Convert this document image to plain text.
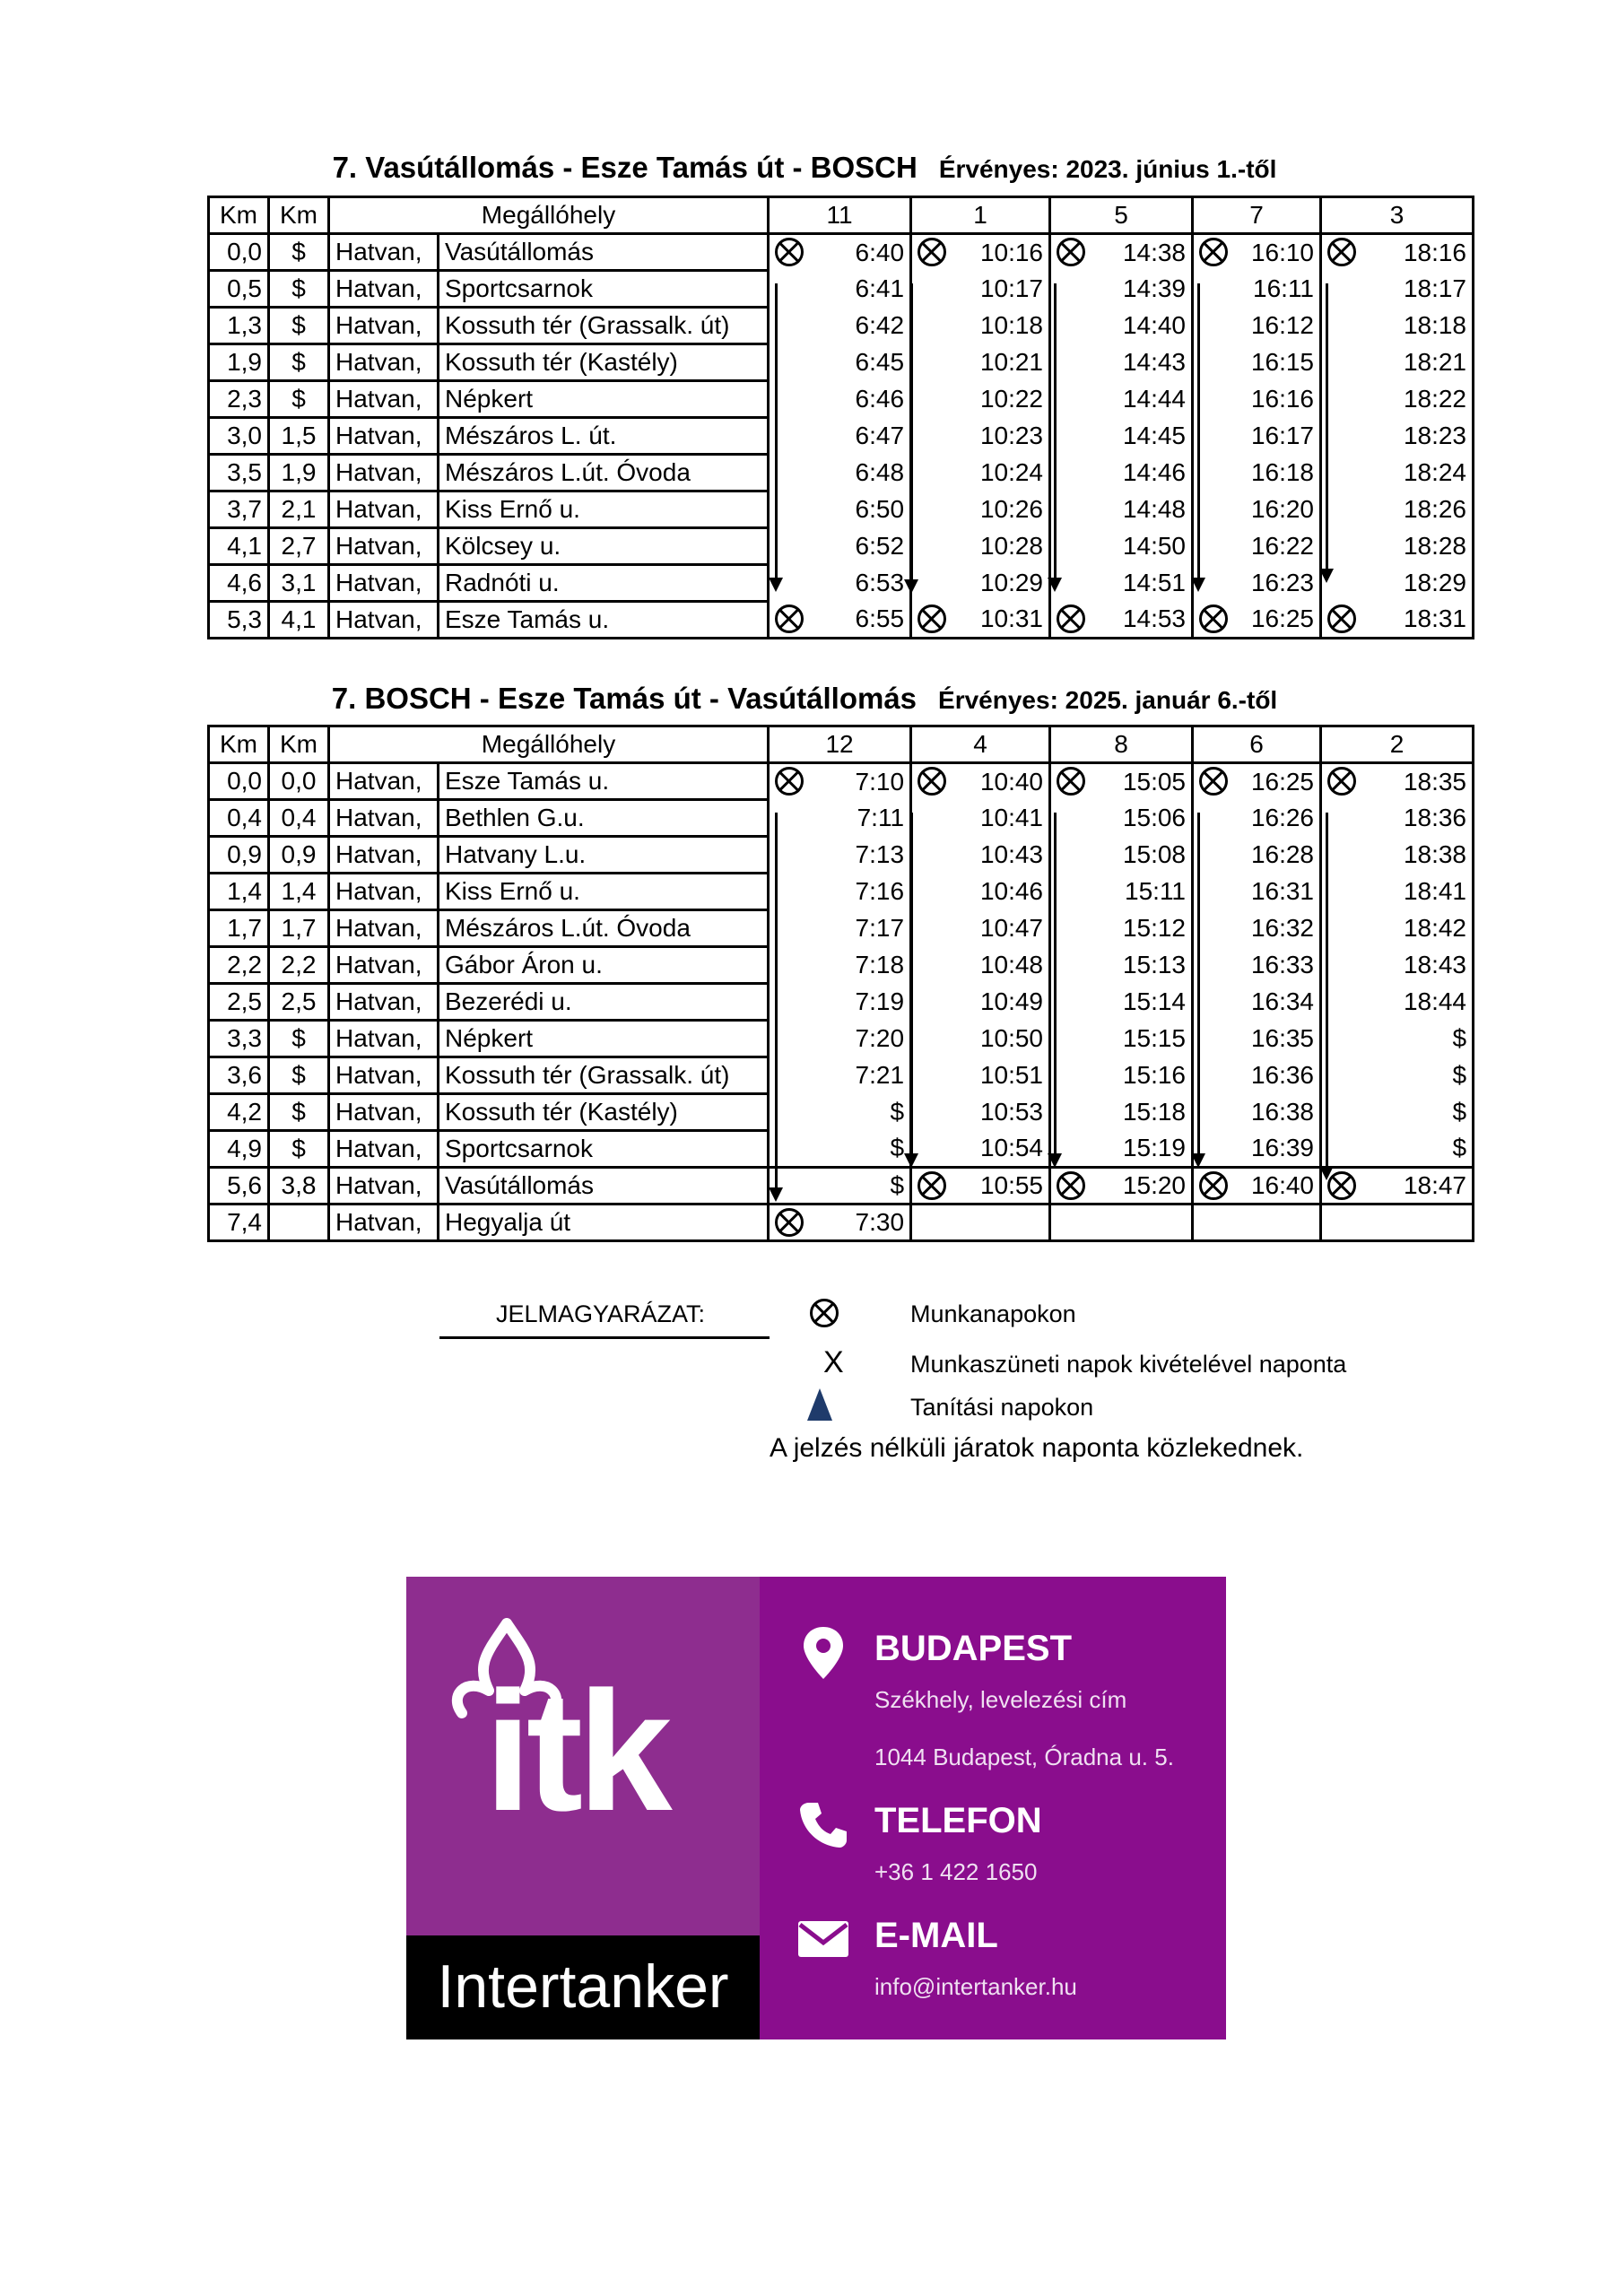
7. Vasútállomás - Esze Tamás út - BOSCH Érvényes: 2023. június 1.-től
Km	Km	Megállóhely		11	1	5	7	3
0,0	$	Hatvan,	Vasútállomás	6:40	10:16	14:38	16:10	18:16

0,5	$	Hatvan,	Sportcsarnok	6:41	10:17	14:39	16:11	18:17
1,3	$	Hatvan,	Kossuth tér (Grassalk. út)	6:42	10:18	14:40	16:12	18:18
1,9	$	Hatvan,	Kossuth tér (Kastély)	6:45	10:21	14:43	16:15	18:21
2,3	$	Hatvan,	Népkert	6:46	10:22	14:44	16:16	18:22
3,0	1,5	Hatvan,	Mészáros L. út.	6:47	10:23	14:45	16:17	18:23
3,5	1,9	Hatvan,	Mészáros L.út. Óvoda	6:48	10:24	14:46	16:18	18:24
3,7	2,1	Hatvan,	Kiss Ernő u.	6:50	10:26	14:48	16:20	18:26
4,1	2,7	Hatvan,	Kölcsey u.	6:52	10:28	14:50	16:22	18:28
4,6	3,1	Hatvan,	Radnóti u.	6:53	10:29	14:51	16:23	18:29
5,3	4,1	Hatvan,	Esze Tamás u.	6:55	10:31	14:53	16:25	18:31
7. BOSCH - Esze Tamás út - Vasútállomás Érvényes: 2025. január 6.-től
Km	Km	Megállóhely		12	4	8	6	2
0,0	0,0	Hatvan,	Esze Tamás u.	7:10	10:40	15:05	16:25	18:35

0,4	0,4	Hatvan,	Bethlen G.u.	7:11	10:41	15:06	16:26	18:36
0,9	0,9	Hatvan,	Hatvany L.u.	7:13	10:43	15:08	16:28	18:38
1,4	1,4	Hatvan,	Kiss Ernő u.	7:16	10:46	15:11	16:31	18:41
1,7	1,7	Hatvan,	Mészáros L.út. Óvoda	7:17	10:47	15:12	16:32	18:42
2,2	2,2	Hatvan,	Gábor Áron u.	7:18	10:48	15:13	16:33	18:43
2,5	2,5	Hatvan,	Bezerédi u.	7:19	10:49	15:14	16:34	18:44
3,3	$	Hatvan,	Népkert	7:20	10:50	15:15	16:35	$
3,6	$	Hatvan,	Kossuth tér (Grassalk. út)	7:21	10:51	15:16	16:36	$
4,2	$	Hatvan,	Kossuth tér (Kastély)	$	10:53	15:18	16:38	$
4,9	$	Hatvan,	Sportcsarnok	$	10:54	15:19	16:39	$
5,6	3,8	Hatvan,	Vasútállomás	$	10:55	15:20	16:40	18:47

7,4		Hatvan,	Hegyalja út	7:30

JELMAGYARÁZAT:	Munkanapokon
X	Munkaszüneti napok kivételével naponta
Tanítási napokon
A jelzés nélküli járatok naponta közlekednek.
itk
Intertanker
BUDAPEST
Székhely, levelezési cím
1044 Budapest, Óradna u. 5.
TELEFON
+36 1 422 1650
E-MAIL
info@intertanker.hu
